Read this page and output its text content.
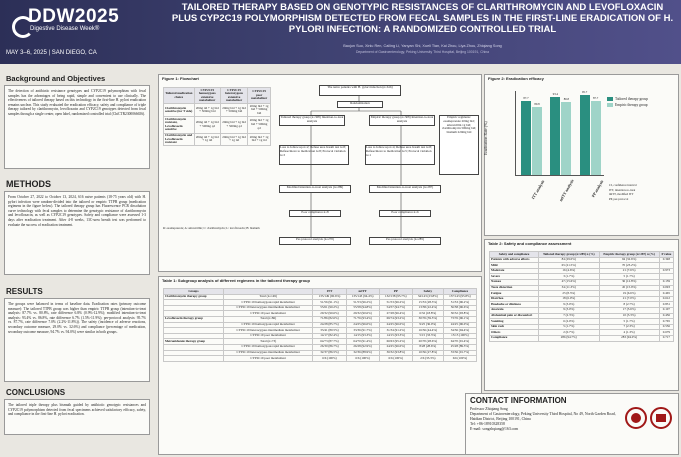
DDW2025
Digestive Disease Week®
MAY 3–6, 2025 | SAN DIEGO, CA
TAILORED THERAPY BASED ON GENOTYPIC RESISTANCES OF CLARITHROMYCIN AND LEVOFLOXACIN PLUS CYP2C19 POLYMORPHISM DETECTED FROM FECAL SAMPLES IN THE FIRST-LINE ERADICATION OF H. PYLORI INFECTION: A RANDOMIZED CONTROLLED TRIAL
Baojun Suo, Xinlu Ren, Cailing Li, Yanyan Shi, Xueli Tian, Kai Zhou, Liya Zhou, Zhiqiang Song
Department of Gastroenterology, Peking University Third Hospital, Beijing 100191, China
Background and Objectives
The detection of antibiotic resistance genotypes and CYP2C19 polymorphism with fecal samples has the advantages of being rapid, simple and convenient to use clinically. The effectiveness of tailored therapy based on this technology in the first-line H. pylori eradication remains unclear. This study evaluated the eradication efficacy, safety and compliance of triple therapy tailored by clarithromycin, levofloxacin and CYP2C19 genotypes detected from fecal samples through a single center, open label, randomized controlled trial (ChiCTR2300066656).
METHODS
From October 27, 2022 to October 13, 2024, 616 naive patients (18-75 years old) with H. pylori infection were random-divided into the tailored or empiric TTPB group (medication regimens in the figure below). The tailored therapy group has Fluorescence PCR dissolution curve technology with fecal samples to determine the genotypic resistance of clarithromycin and levofloxacin, as well as CYP2C19 genotypes. Safety and compliance were assessed 1-3 days after eradication treatment. After 4-8 weeks, 13C-urea breath test was performed to evaluate the success of eradication treatment.
RESULTS
The groups were balanced in terms of baseline data. Eradication rates (primary outcome measure): The tailored TTPB group was higher than empiric TTPB group (intention-to-treat analysis: 87.7% vs. 80.8%, rate difference 6.8% (0.9%-12.9%); modified intention-to-treat analysis: 93.4% vs. 86.8%, rate difference 6.7% (1.5%-11.9%); per-protocol analysis: 95.7% vs. 87.7%, rate difference 7.0% (2.2%-11.8%)). The safety (incidence of adverse reactions, secondary outcome measure, 29.0% vs. 32.6%) and compliance (percentage of medication, secondary outcome measure, 94.7% vs. 94.0%) were similar in both groups.
CONCLUSIONS
The tailored triple therapy plus bismuth guided by antibiotic genotypic resistances and CYP2C19 polymorphism detected from fecal specimens achieved satisfactory efficacy, safety, and compliance in the first-line H. pylori eradication.
Figure 1: Flowchart
Tailored medication choice	CYP2C19 homozygous extensive metabolizer	CYP2C19 heterozygous extensive metabolizer	CYP2C19 poor metabolizer
Clarithromycin sensitive (for T side)	20mg tid + 1g bid + 500mg bid	20mg bid + 1g bid + 500mg bid	20mg bid + 1g bid + 500mg bid
Clarithromycin resistant, Levofloxacin sensitive	20mg tid + 1g bid + 500mg qd	20mg bid + 1g bid + 500mg qd	20mg bid + 1g bid + 500mg qd
Clarithromycin and Levofloxacin resistant	20mg tid + 1g bid + 1g tid	20mg bid + 1g bid + 1g tid	20mg bid + 1g bid + 1g tid
R: esomeprazole; A: amoxicillin; C: clarithromycin; L: levofloxacin; B: bismuth
The naive patients with H. pylori infection (n=616)
Randomization
Tailored therapy group (n=308) Intention-to-treat analysis
Empiric therapy group (n=308) Intention-to-treat analysis
Loss to follow-up n=2; Refuse urea breath test n=8; Refuse/move to medication n=8; Protocol violation n=3
Loss to follow-up n=4; Refuse urea breath test n=8; Refuse/move to medication n=5; Protocol violation n=1
Empiric regimens: esomeprazole 20mg bid; amoxicillin 1g bid; clarithromycin 500mg bid; bismuth 220mg bid
Modified intention-to-treat analysis (n=289)	Modified intention-to-treat analysis (n=287)
Poor compliance n=8	Poor compliance n=6
Per-protocol analysis (n=270)	Per-protocol analysis (n=285)
Figure 2: Eradication efficacy
Eradication Rate (%)
87.7
80.8
93.4
86.8
95.7
87.7
ITT analysis	mITT analysis	PP analysis
Tailored therapy group
Empiric therapy group
CI, confidence interval
ITT, intention-to-treat
mITT, modified ITT
PP, per-protocol
Table 1: Subgroup analysis of different regimens in the tailored therapy group
Groups		ITT	mITT	PP	Safety	Compliance
Clarithromycin therapy group	Total (n=149)	135/149 (90.6%)	135/143 (94.4%)	132/138 (95.7%)	34/143 (23.8%)	137/143 (95.8%)
	CYP2C19 homozygous rapid metabolizer	51/56 (91.1%)	51/53 (96.2%)	51/53 (96.2%)	15/53 (28.3%)	51/53 (96.2%)
	CYP2C19 heterozygous intermediate metabolizer	55/61 (90.2%)	55/58 (94.8%)	54/57 (94.7%)	13/58 (22.4%)	56/58 (96.6%)
	CYP2C19 poor metabolizer	29/32 (90.6%)	29/32 (90.6%)	27/28 (96.4%)	6/32 (18.8%)	30/32 (93.8%)
Levofloxacin therapy group	Total (n=86)	71/86 (82.6%)	71/76 (93.4%)	69/74 (93.2%)	30/76 (39.5%)	73/76 (96.1%)
	CYP2C19 homozygous rapid metabolizer	24/28 (85.7%)	24/25 (96.0%)	24/25 (96.0%)	9/25 (36.0%)	24/25 (96.0%)
	CYP2C19 heterozygous intermediate metabolizer	33/41 (80.5%)	33/36 (91.7%)	31/34 (91.2%)	16/36 (44.4%)	34/36 (94.4%)
	CYP2C19 poor metabolizer	14/17 (82.4%)	14/15 (93.3%)	14/15 (93.3%)	5/15 (33.3%)	15/15 (100%)
Metronidazole therapy group	Total (n=73)	64/73 (87.7%)	64/70 (91.4%)	60/63 (95.2%)	20/70 (28.6%)	64/70 (91.4%)
	CYP2C19 homozygous rapid metabolizer	26/30 (86.7%)	26/28 (92.9%)	24/25 (96.0%)	8/28 (28.6%)	25/28 (89.3%)
	CYP2C19 heterozygous intermediate metabolizer	32/37 (86.5%)	32/36 (88.9%)	30/32 (93.8%)	10/36 (27.8%)	33/36 (91.7%)
	CYP2C19 poor metabolizer	6/6 (100%)	6/6 (100%)	6/6 (100%)	2/6 (33.3%)	6/6 (100%)
Table 2: Safety and compliance assessment
Safety and compliance	Tailored therapy group (n=289) n (%)	Empiric therapy group (n=287) n (%)	P value
Patients with adverse effects	84 (29.0%)	94 (32.6%)	0.348
Mild	65 (21.5%)	70 (23.2%)	
Moderate	16 (4.6%)	21 (7.6%)	0.973
Severe	3 (1.7%)	5 (1.7%)	
Nausea	47 (15.6%)	36 (12.8%)	0.159
Taste distortion	34 (11.3%)	45 (15.9%)	0.093
Fatigue	25 (8.3%)	19 (6.6%)	0.465
Diarrhea	18 (6.0%)	21 (7.0%)	0.612
Headache or dizziness	9 (3.0%)	8 (2.7%)	0.831
Anorexia	9 (3.0%)	17 (5.6%)	0.107
Abdominal pain or discomfort	7 (2.3%)	10 (3.3%)	0.456
Vomiting	6 (2.0%)	5 (1.7%)	0.765
Skin rash	5 (1.7%)	7 (2.3%)	0.556
Others	2 (0.7%)	4 (1.3%)	0.679
Compliance	286 (94.7%)	283 (94.0%)	0.717
CONTACT INFORMATION
Professor Zhiqiang Song
Department of Gastroenterology, Peking University Third Hospital, No 49, North Garden Road, Haidian District, Beijing 100191, China
Tel: +86-18910328358
E-mail: songzhqiang@163.com
